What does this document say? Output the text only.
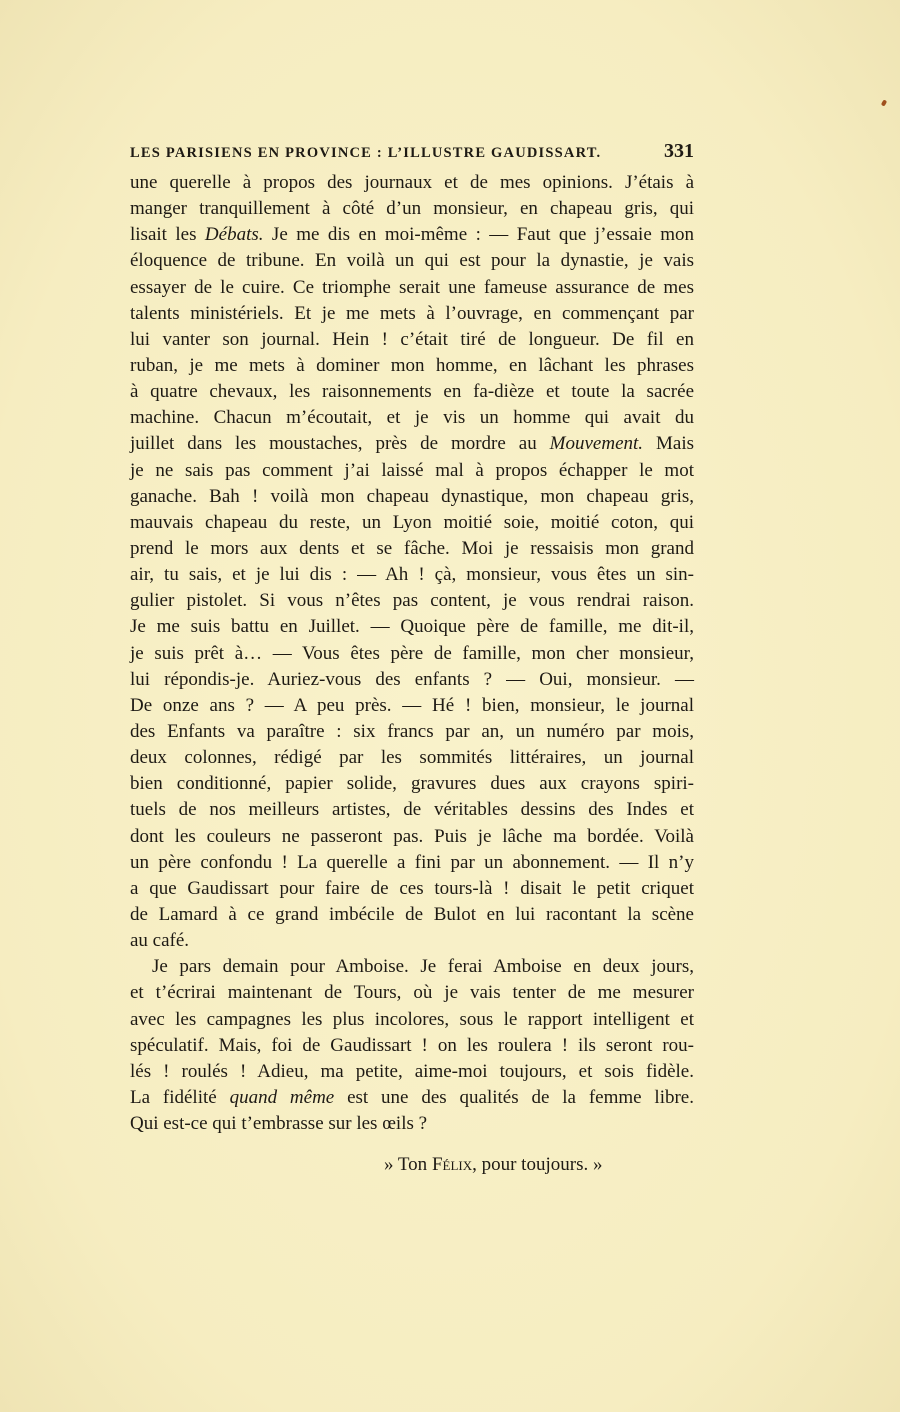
LES PARISIENS EN PROVINCE : L’ILLUSTRE GAUDISSART.	331
une querelle à propos des journaux et de mes opinions. J’étais à
manger tranquillement à côté d’un monsieur, en chapeau gris, qui
lisait les Débats. Je me dis en moi-même : — Faut que j’essaie mon
éloquence de tribune. En voilà un qui est pour la dynastie, je vais
essayer de le cuire. Ce triomphe serait une fameuse assurance de mes
talents ministériels. Et je me mets à l’ouvrage, en commençant par
lui vanter son journal. Hein ! c’était tiré de longueur. De fil en
ruban, je me mets à dominer mon homme, en lâchant les phrases
à quatre chevaux, les raisonnements en fa-dièze et toute la sacrée
machine. Chacun m’écoutait, et je vis un homme qui avait du
juillet dans les moustaches, près de mordre au Mouvement. Mais
je ne sais pas comment j’ai laissé mal à propos échapper le mot
ganache. Bah ! voilà mon chapeau dynastique, mon chapeau gris,
mauvais chapeau du reste, un Lyon moitié soie, moitié coton, qui
prend le mors aux dents et se fâche. Moi je ressaisis mon grand
air, tu sais, et je lui dis : — Ah ! çà, monsieur, vous êtes un sin-
gulier pistolet. Si vous n’êtes pas content, je vous rendrai raison.
Je me suis battu en Juillet. — Quoique père de famille, me dit-il,
je suis prêt à… — Vous êtes père de famille, mon cher monsieur,
lui répondis-je. Auriez-vous des enfants ? — Oui, monsieur. —
De onze ans ? — A peu près. — Hé ! bien, monsieur, le journal
des Enfants va paraître : six francs par an, un numéro par mois,
deux colonnes, rédigé par les sommités littéraires, un journal
bien conditionné, papier solide, gravures dues aux crayons spiri-
tuels de nos meilleurs artistes, de véritables dessins des Indes et
dont les couleurs ne passeront pas. Puis je lâche ma bordée. Voilà
un père confondu ! La querelle a fini par un abonnement. — Il n’y
a que Gaudissart pour faire de ces tours-là ! disait le petit criquet
de Lamard à ce grand imbécile de Bulot en lui racontant la scène
au café.
Je pars demain pour Amboise. Je ferai Amboise en deux jours,
et t’écrirai maintenant de Tours, où je vais tenter de me mesurer
avec les campagnes les plus incolores, sous le rapport intelligent et
spéculatif. Mais, foi de Gaudissart ! on les roulera ! ils seront rou-
lés ! roulés ! Adieu, ma petite, aime-moi toujours, et sois fidèle.
La fidélité quand même est une des qualités de la femme libre.
Qui est-ce qui t’embrasse sur les œils ?
» Ton Félix, pour toujours. »
